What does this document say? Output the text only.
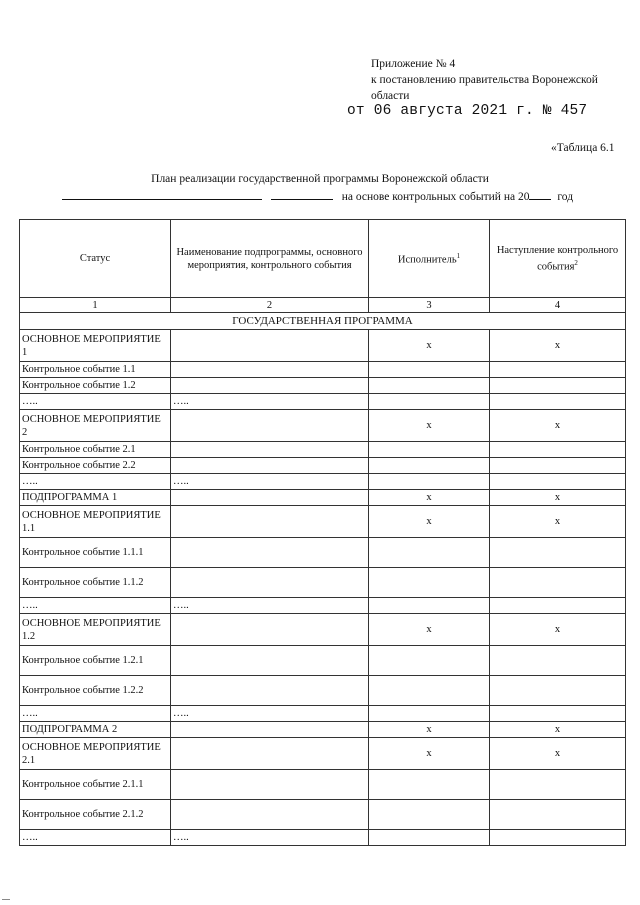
Приложение № 4
к постановлению правительства Воронежской
области
от 06 августа 2021 г. № 457
«Таблица 6.1
План реализации государственной программы Воронежской области
на основе контрольных событий на 20 год
Статус	Наименование подпрограммы, основного мероприятия, контрольного события	Исполнитель$^1$	Наступление контрольного события$^2$
1	2	3	4
ГОСУДАРСТВЕННАЯ ПРОГРАММА			
ОСНОВНОЕ МЕРОПРИЯТИЕ 1		х	х
Контрольное событие 1.1			
Контрольное событие 1.2			
…..	…..		
ОСНОВНОЕ МЕРОПРИЯТИЕ 2		х	х
Контрольное событие 2.1			
Контрольное событие 2.2			
…..	…..		
ПОДПРОГРАММА 1		х	х
ОСНОВНОЕ МЕРОПРИЯТИЕ 1.1		х	х
Контрольное событие 1.1.1			
Контрольное событие 1.1.2			
…..	…..		
ОСНОВНОЕ МЕРОПРИЯТИЕ 1.2		х	х
Контрольное событие 1.2.1			
Контрольное событие 1.2.2			
…..	…..		
ПОДПРОГРАММА 2		х	х
ОСНОВНОЕ МЕРОПРИЯТИЕ 2.1		х	х
Контрольное событие 2.1.1			
Контрольное событие 2.1.2			
…..	…..		
